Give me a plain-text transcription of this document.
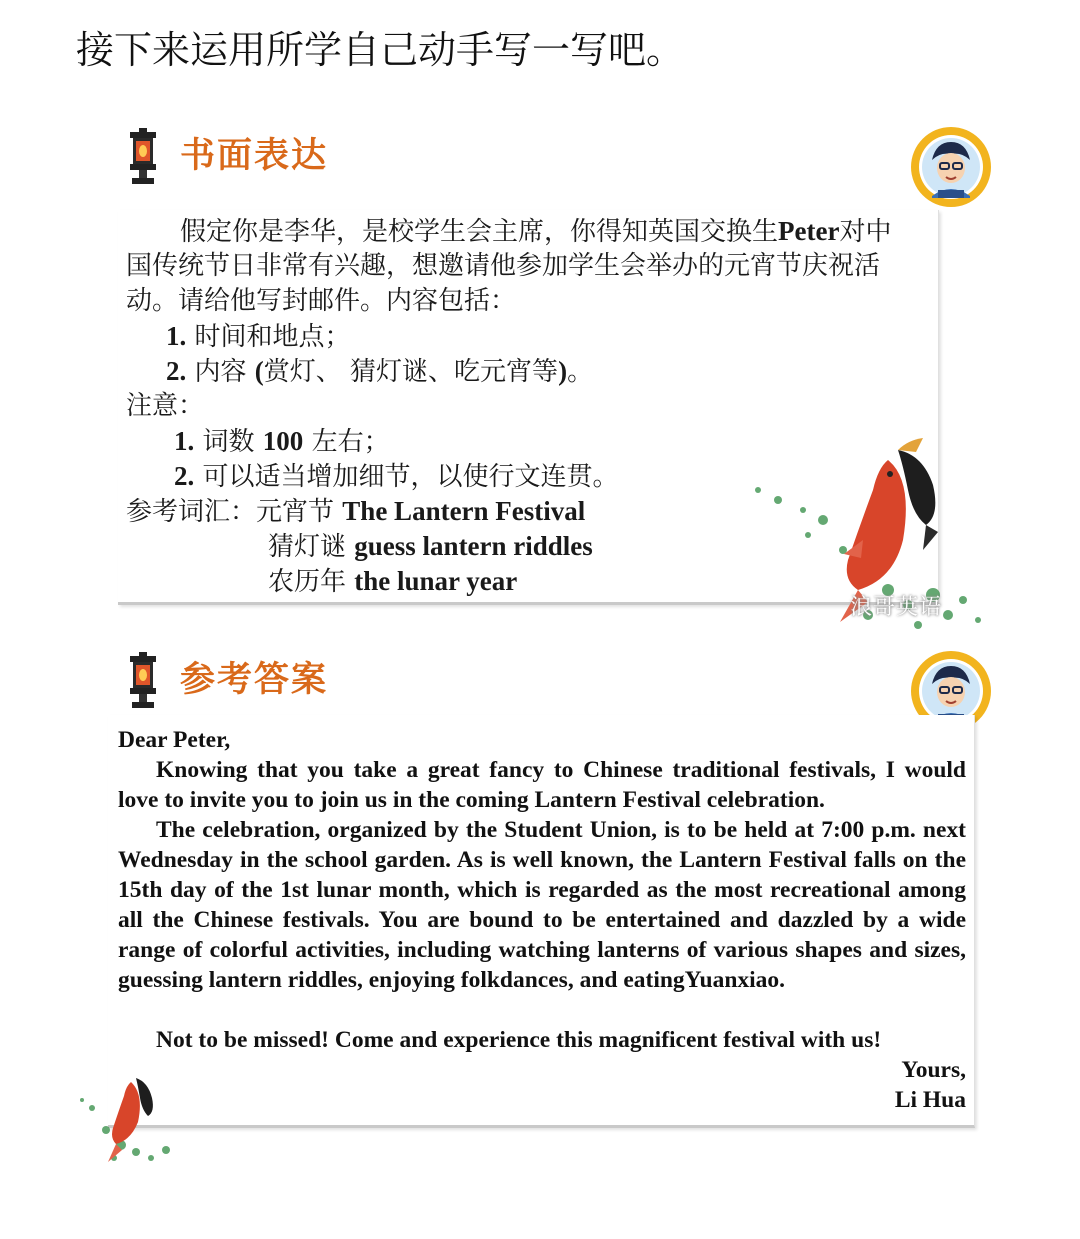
接下来运用所学自己动手写一写吧。

书面表达

假定你是李华，是校学生会主席，你得知英国交换生Peter对中

国传统节日非常有兴趣，想邀请他参加学生会举办的元宵节庆祝活

动。请给他写封邮件。内容包括：

1. 时间和地点；

2. 内容 (赏灯、 猜灯谜、吃元宵等)。

注意：

1. 词数 100 左右；

2. 可以适当增加细节，以使行文连贯。

参考词汇：元宵节 The Lantern Festival

猜灯谜 guess lantern riddles

农历年 the lunar year

浪哥英语
参考答案

Dear Peter,

Knowing that you take a great fancy to Chinese traditional festivals, I would love to invite you to join us in the coming Lantern Festival celebration.

The celebration, organized by the Student Union, is to be held at 7:00 p.m. next Wednesday in the school garden. As is well known, the Lantern Festival falls on the 15th day of the 1st lunar month, which is regarded as the most recreational among all the Chinese festivals. You are bound to be entertained and dazzled by a wide range of colorful activities, including watching lanterns of various shapes and sizes, guessing lantern riddles, enjoying folkdances, and eatingYuanxiao.

Not to be missed! Come and experience this magnificent festival with us!

Yours,

Li Hua
